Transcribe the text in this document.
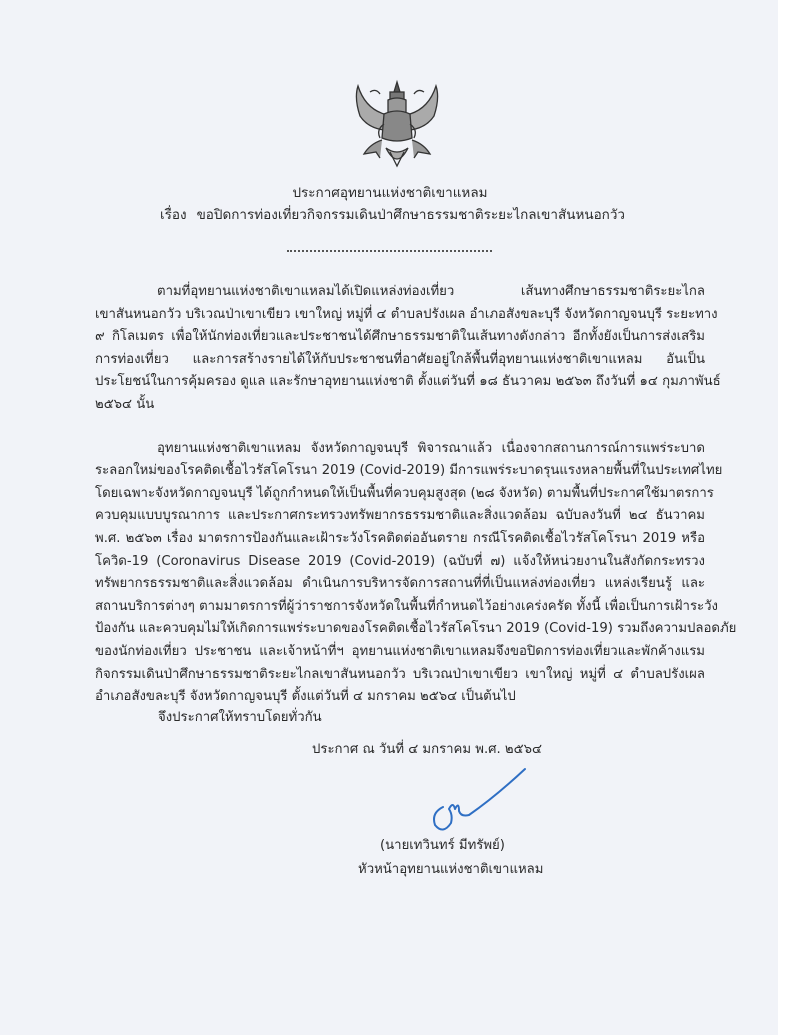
ประกาศอุทยานแห่งชาติเขาแหลม
เรื่อง ขอปิดการท่องเที่ยวกิจกรรมเดินป่าศึกษาธรรมชาติระยะไกลเขาสันหนอกวัว
ตามที่อุทยานแห่งชาติเขาแหลมได้เปิดแหล่งท่องเที่ยว เส้นทางศึกษาธรรมชาติระยะไกล
เขาสันหนอกวัว บริเวณป่าเขาเขียว เขาใหญ่ หมู่ที่ ๔ ตำบลปรังเผล อำเภอสังขละบุรี จังหวัดกาญจนบุรี ระยะทาง
๙ กิโลเมตร เพื่อให้นักท่องเที่ยวและประชาชนได้ศึกษาธรรมชาติในเส้นทางดังกล่าว อีกทั้งยังเป็นการส่งเสริม
การท่องเที่ยว และการสร้างรายได้ให้กับประชาชนที่อาศัยอยู่ใกล้พื้นที่อุทยานแห่งชาติเขาแหลม อันเป็น
ประโยชน์ในการคุ้มครอง ดูแล และรักษาอุทยานแห่งชาติ ตั้งแต่วันที่ ๑๘ ธันวาคม ๒๕๖๓ ถึงวันที่ ๑๔ กุมภาพันธ์
๒๕๖๔ นั้น
อุทยานแห่งชาติเขาแหลม จังหวัดกาญจนบุรี พิจารณาแล้ว เนื่องจากสถานการณ์การแพร่ระบาด
ระลอกใหม่ของโรคติดเชื้อไวรัสโคโรนา 2019 (Covid-2019) มีการแพร่ระบาดรุนแรงหลายพื้นที่ในประเทศไทย
โดยเฉพาะจังหวัดกาญจนบุรี ได้ถูกกำหนดให้เป็นพื้นที่ควบคุมสูงสุด (๒๘ จังหวัด) ตามพื้นที่ประกาศใช้มาตรการ
ควบคุมแบบบูรณาการ และประกาศกระทรวงทรัพยากรธรรมชาติและสิ่งแวดล้อม ฉบับลงวันที่ ๒๔ ธันวาคม
พ.ศ. ๒๕๖๓ เรื่อง มาตรการป้องกันและเฝ้าระวังโรคติดต่ออันตราย กรณีโรคติดเชื้อไวรัสโคโรนา 2019 หรือ
โควิด-19 (Coronavirus Disease 2019 (Covid-2019) (ฉบับที่ ๗) แจ้งให้หน่วยงานในสังกัดกระทรวง
ทรัพยากรธรรมชาติและสิ่งแวดล้อม ดำเนินการบริหารจัดการสถานที่ที่เป็นแหล่งท่องเที่ยว แหล่งเรียนรู้ และ
สถานบริการต่างๆ ตามมาตรการที่ผู้ว่าราชการจังหวัดในพื้นที่กำหนดไว้อย่างเคร่งครัด ทั้งนี้ เพื่อเป็นการเฝ้าระวัง
ป้องกัน และควบคุมไม่ให้เกิดการแพร่ระบาดของโรคติดเชื้อไวรัสโคโรนา 2019 (Covid-19) รวมถึงความปลอดภัย
ของนักท่องเที่ยว ประชาชน และเจ้าหน้าที่ฯ อุทยานแห่งชาติเขาแหลมจึงขอปิดการท่องเที่ยวและพักค้างแรม
กิจกรรมเดินป่าศึกษาธรรมชาติระยะไกลเขาสันหนอกวัว บริเวณป่าเขาเขียว เขาใหญ่ หมู่ที่ ๔ ตำบลปรังเผล
อำเภอสังขละบุรี จังหวัดกาญจนบุรี ตั้งแต่วันที่ ๔ มกราคม ๒๕๖๔ เป็นต้นไป
จึงประกาศให้ทราบโดยทั่วกัน
ประกาศ ณ วันที่ ๔ มกราคม พ.ศ. ๒๕๖๔
(นายเทวินทร์ มีทรัพย์)
หัวหน้าอุทยานแห่งชาติเขาแหลม
